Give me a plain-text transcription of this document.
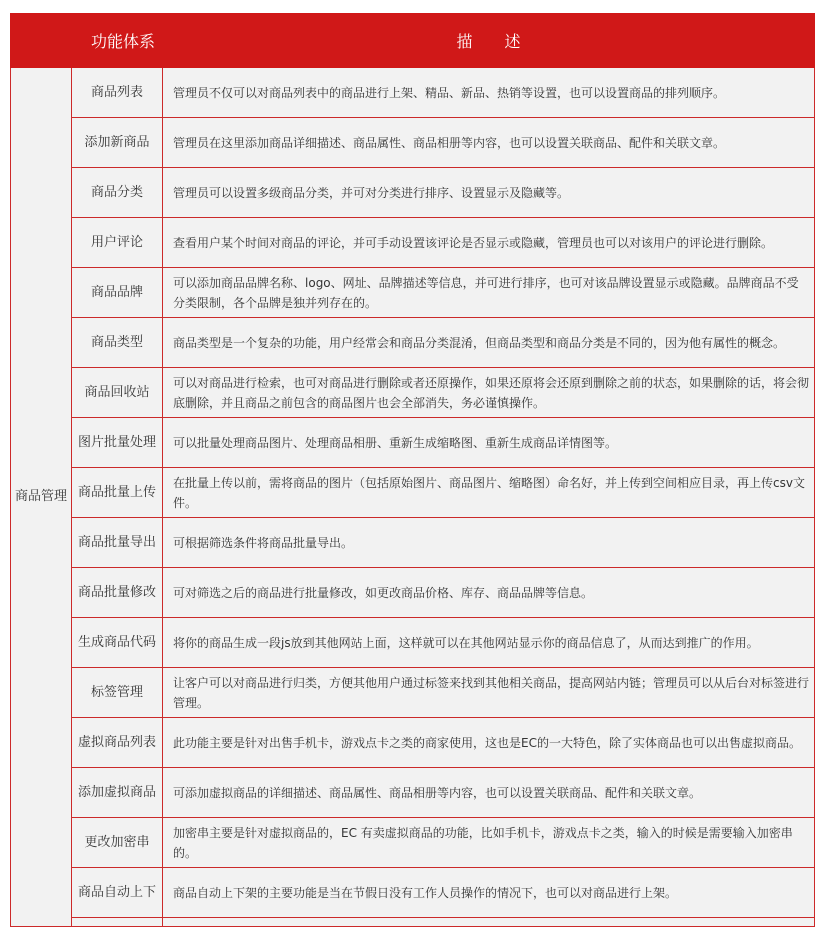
功能体系		描　　述
商品管理	商品列表	管理员不仅可以对商品列表中的商品进行上架、精品、新品、热销等设置，也可以设置商品的排列顺序。
	添加新商品	管理员在这里添加商品详细描述、商品属性、商品相册等内容，也可以设置关联商品、配件和关联文章。
	商品分类	管理员可以设置多级商品分类，并可对分类进行排序、设置显示及隐藏等。
	用户评论	查看用户某个时间对商品的评论，并可手动设置该评论是否显示或隐藏，管理员也可以对该用户的评论进行删除。
	商品品牌	可以添加商品品牌名称、logo、网址、品牌描述等信息，并可进行排序，也可对该品牌设置显示或隐藏。品牌商品不受分类限制，各个品牌是独并列存在的。
	商品类型	商品类型是一个复杂的功能，用户经常会和商品分类混淆，但商品类型和商品分类是不同的，因为他有属性的概念。
	商品回收站	可以对商品进行检索，也可对商品进行删除或者还原操作，如果还原将会还原到删除之前的状态，如果删除的话，将会彻底删除，并且商品之前包含的商品图片也会全部消失，务必谨慎操作。
	图片批量处理	可以批量处理商品图片、处理商品相册、重新生成缩略图、重新生成商品详情图等。
	商品批量上传	在批量上传以前，需将商品的图片（包括原始图片、商品图片、缩略图）命名好，并上传到空间相应目录，再上传csv文件。
	商品批量导出	可根据筛选条件将商品批量导出。
	商品批量修改	可对筛选之后的商品进行批量修改，如更改商品价格、库存、商品品牌等信息。
	生成商品代码	将你的商品生成一段js放到其他网站上面，这样就可以在其他网站显示你的商品信息了，从而达到推广的作用。
	标签管理	让客户可以对商品进行归类，方便其他用户通过标签来找到其他相关商品，提高网站内链；管理员可以从后台对标签进行管理。
	虚拟商品列表	此功能主要是针对出售手机卡，游戏点卡之类的商家使用，这也是EC的一大特色，除了实体商品也可以出售虚拟商品。
	添加虚拟商品	可添加虚拟商品的详细描述、商品属性、商品相册等内容，也可以设置关联商品、配件和关联文章。
	更改加密串	加密串主要是针对虚拟商品的，EC 有卖虚拟商品的功能，比如手机卡，游戏点卡之类，输入的时候是需要输入加密串的。
	商品自动上下	商品自动上下架的主要功能是当在节假日没有工作人员操作的情况下，也可以对商品进行上架。
